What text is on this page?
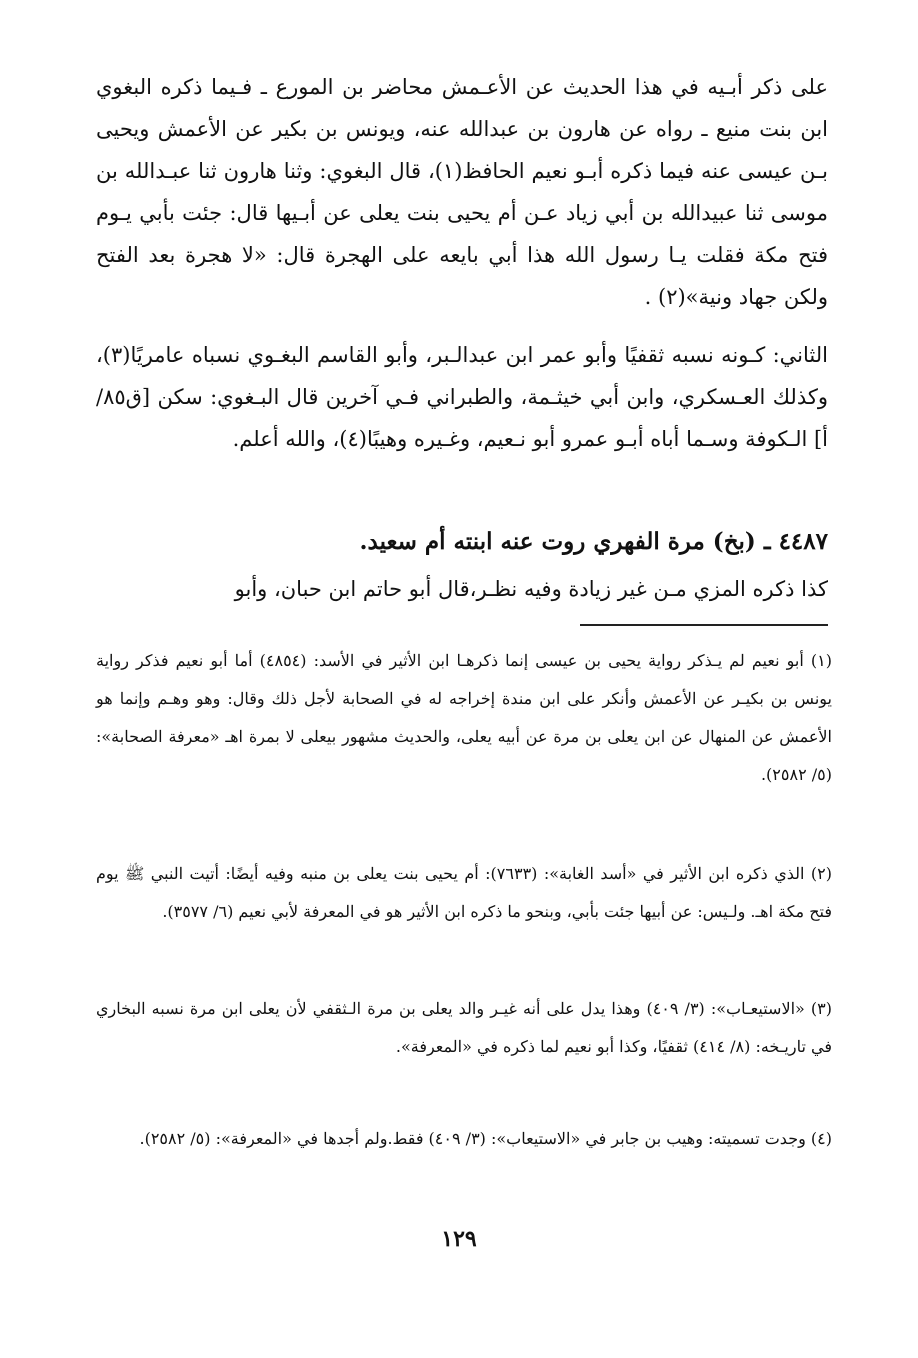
على ذكر أبـيه في هذا الحديث عن الأعـمش محاضر بن المورع ـ فـيما ذكره البغوي ابن بنت منيع ـ رواه عن هارون بن عبدالله عنه، ويونس بن بكير عن الأعمش ويحيى بـن عيسى عنه فيما ذكره أبـو نعيم الحافظ(١)، قال البغوي: وثنا هارون ثنا عبـدالله بن موسى ثنا عبيدالله بن أبي زياد عـن أم يحيى بنت يعلى عن أبـيها قال: جئت بأبي يـوم فتح مكة فقلت يـا رسول الله هذا أبي بايعه على الهجرة قال: «لا هجرة بعد الفتح ولكن جهاد ونية»(٢) .

الثاني: كـونه نسبه ثقفيًا وأبو عمر ابن عبدالـبر، وأبو القاسم البغـوي نسباه عامريًا(٣)، وكذلك العـسكري، وابن أبي خيثـمة، والطبراني فـي آخرين قال البـغوي: سكن [ق٨٥/أ] الـكوفة وسـما أباه أبـو عمرو أبو نـعيم، وغـيره وهيبًا(٤)، والله أعلم.

٤٤٨٧ ـ (بخ) مرة الفهري روت عنه ابنته أم سعيد.

كذا ذكره المزي مـن غير زيادة وفيه نظـر،قال أبو حاتم ابن حبان، وأبو

(١) أبو نعيم لم يـذكر رواية يحيى بن عيسى إنما ذكرهـا ابن الأثير في الأسد: (٤٨٥٤) أما أبو نعيم فذكر رواية يونس بن بكيـر عن الأعمش وأنكر على ابن مندة إخراجه له في الصحابة لأجل ذلك وقال: وهو وهـم وإنما هو الأعمش عن المنهال عن ابن يعلى بن مرة عن أبيه يعلى، والحديث مشهور بيعلى لا بمرة اهـ «معرفة الصحابة»: (٥/ ٢٥٨٢).

(٢) الذي ذكره ابن الأثير في «أسد الغابة»: (٧٦٣٣): أم يحيى بنت يعلى بن منبه وفيه أيضًا: أتيت النبي ﷺ يوم فتح مكة اهـ. ولـيس: عن أبيها جئت بأبي، وبنحو ما ذكره ابن الأثير هو في المعرفة لأبي نعيم (٦/ ٣٥٧٧).

(٣) «الاستيعـاب»: (٣/ ٤٠٩) وهذا يدل على أنه غيـر والد يعلى بن مرة الـثقفي لأن يعلى ابن مرة نسبه البخاري في تاريـخه: (٨/ ٤١٤) ثقفيًا، وكذا أبو نعيم لما ذكره في «المعرفة».

(٤) وجدت تسميته: وهيب بن جابر في «الاستيعاب»: (٣/ ٤٠٩) فقط.ولم أجدها في «المعرفة»: (٥/ ٢٥٨٢).

١٢٩
